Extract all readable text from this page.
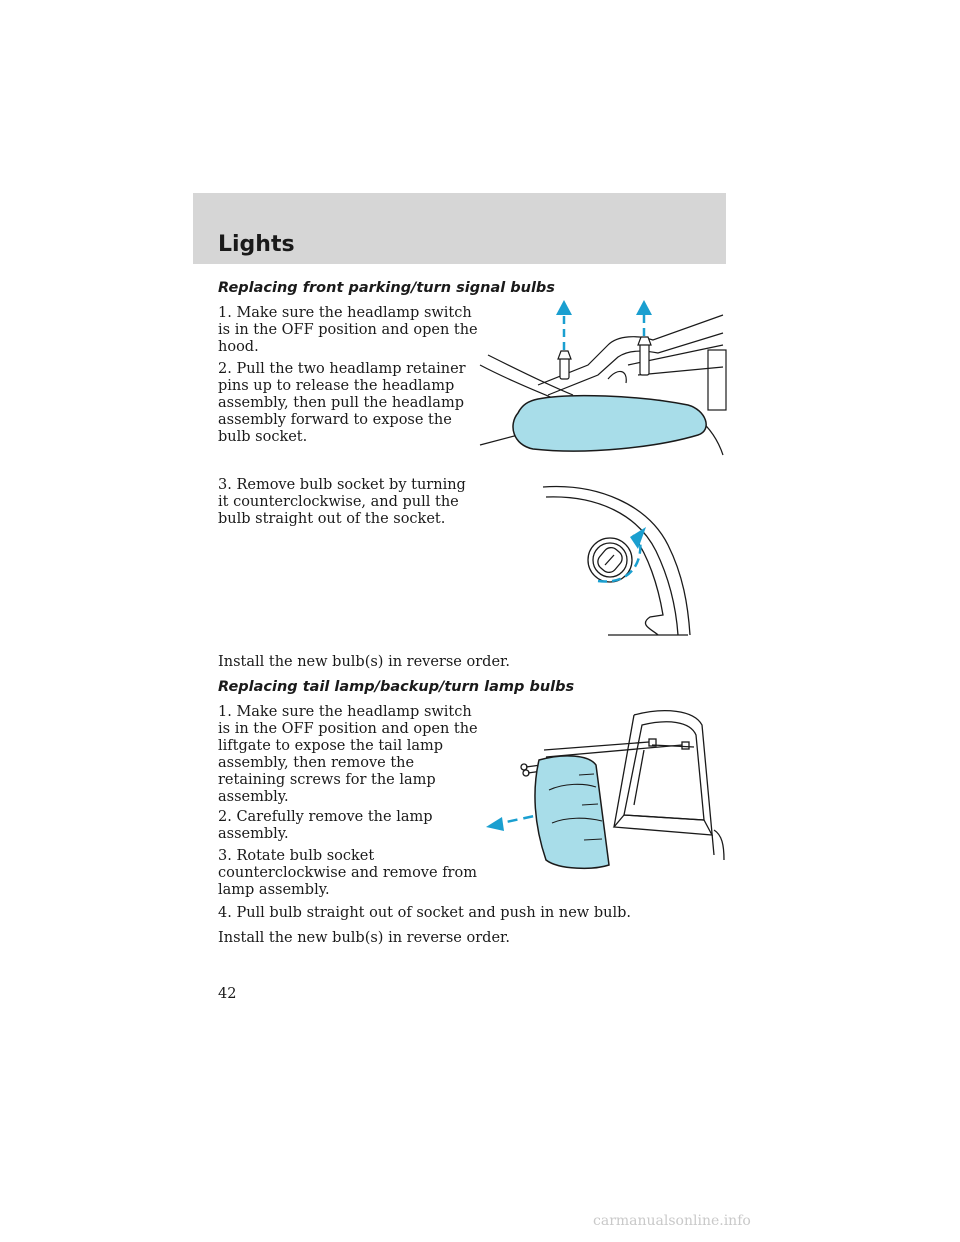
Lights
Replacing front parking/turn signal bulbs
1. Make sure the headlamp switch is in the OFF position and open the hood.
2. Pull the two headlamp retainer pins up to release the headlamp assembly, then pull the headlamp assembly forward to expose the bulb socket.
3. Remove bulb socket by turning it counterclockwise, and pull the bulb straight out of the socket.
Install the new bulb(s) in reverse order.
Replacing tail lamp/backup/turn lamp bulbs
1. Make sure the headlamp switch is in the OFF position and open the liftgate to expose the tail lamp assembly, then remove the retaining screws for the lamp assembly.
2. Carefully remove the lamp assembly.
3. Rotate bulb socket counterclockwise and remove from lamp assembly.
4. Pull bulb straight out of socket and push in new bulb.
Install the new bulb(s) in reverse order.
42
carmanualsonline.info
